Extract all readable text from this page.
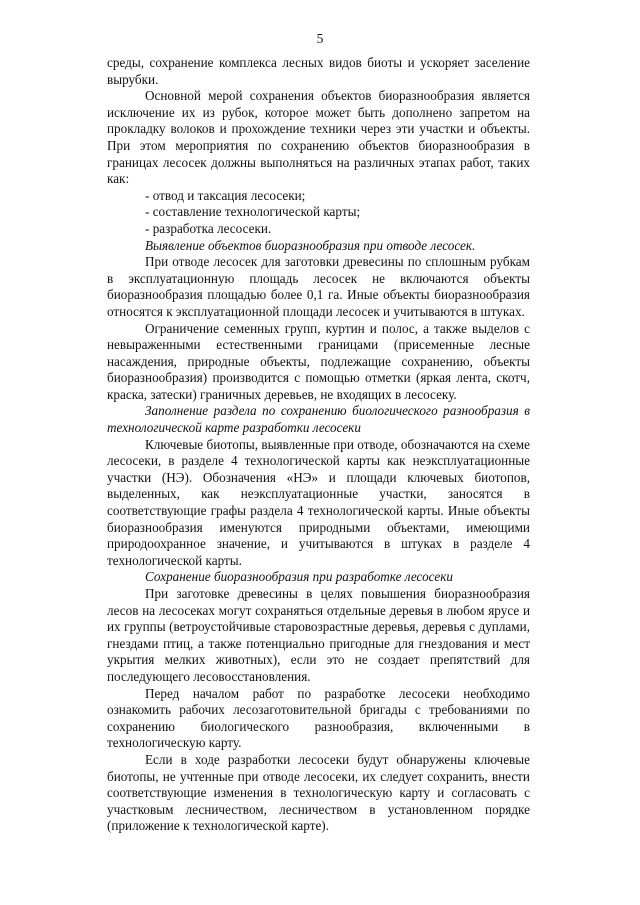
5

среды, сохранение комплекса лесных видов биоты и ускоряет заселение вырубки.

Основной мерой сохранения объектов биоразнообразия является исключение их из рубок, которое может быть дополнено запретом на прокладку волоков и прохождение техники через эти участки и объекты. При этом мероприятия по сохранению объектов биоразнообразия в границах лесосек должны выполняться на различных этапах работ, таких как:

- отвод и таксация лесосеки;

- составление технологической карты;

- разработка лесосеки.

Выявление объектов биоразнообразия при отводе лесосек.

При отводе лесосек для заготовки древесины по сплошным рубкам в эксплуатационную площадь лесосек не включаются объекты биоразнообразия площадью более 0,1 га. Иные объекты биоразнообразия относятся к эксплуатационной площади лесосек и учитываются в штуках.

Ограничение семенных групп, куртин и полос, а также выделов с невыраженными естественными границами (присеменные лесные насаждения, природные объекты, подлежащие сохранению, объекты биоразнообразия) производится с помощью отметки (яркая лента, скотч, краска, затески) граничных деревьев, не входящих в лесосеку.

Заполнение раздела по сохранению биологического разнообразия в технологической карте разработки лесосеки

Ключевые биотопы, выявленные при отводе, обозначаются на схеме лесосеки, в разделе 4 технологической карты как неэксплуатационные участки (НЭ). Обозначения «НЭ» и площади ключевых биотопов, выделенных, как неэксплуатационные участки, заносятся в соответствующие графы раздела 4 технологической карты. Иные объекты биоразнообразия именуются природными объектами, имеющими природоохранное значение, и учитываются в штуках в разделе 4 технологической карты.

Сохранение биоразнообразия при разработке лесосеки

При заготовке древесины в целях повышения биоразнообразия лесов на лесосеках могут сохраняться отдельные деревья в любом ярусе и их группы (ветроустойчивые старовозрастные деревья, деревья с дуплами, гнездами птиц, а также потенциально пригодные для гнездования и мест укрытия мелких животных), если это не создает препятствий для последующего лесовосстановления.

Перед началом работ по разработке лесосеки необходимо ознакомить рабочих лесозаготовительной бригады с требованиями по сохранению биологического разнообразия, включенными в технологическую карту.

Если в ходе разработки лесосеки будут обнаружены ключевые биотопы, не учтенные при отводе лесосеки, их следует сохранить, внести соответствующие изменения в технологическую карту и согласовать с участковым лесничеством, лесничеством в установленном порядке (приложение к технологической карте).
